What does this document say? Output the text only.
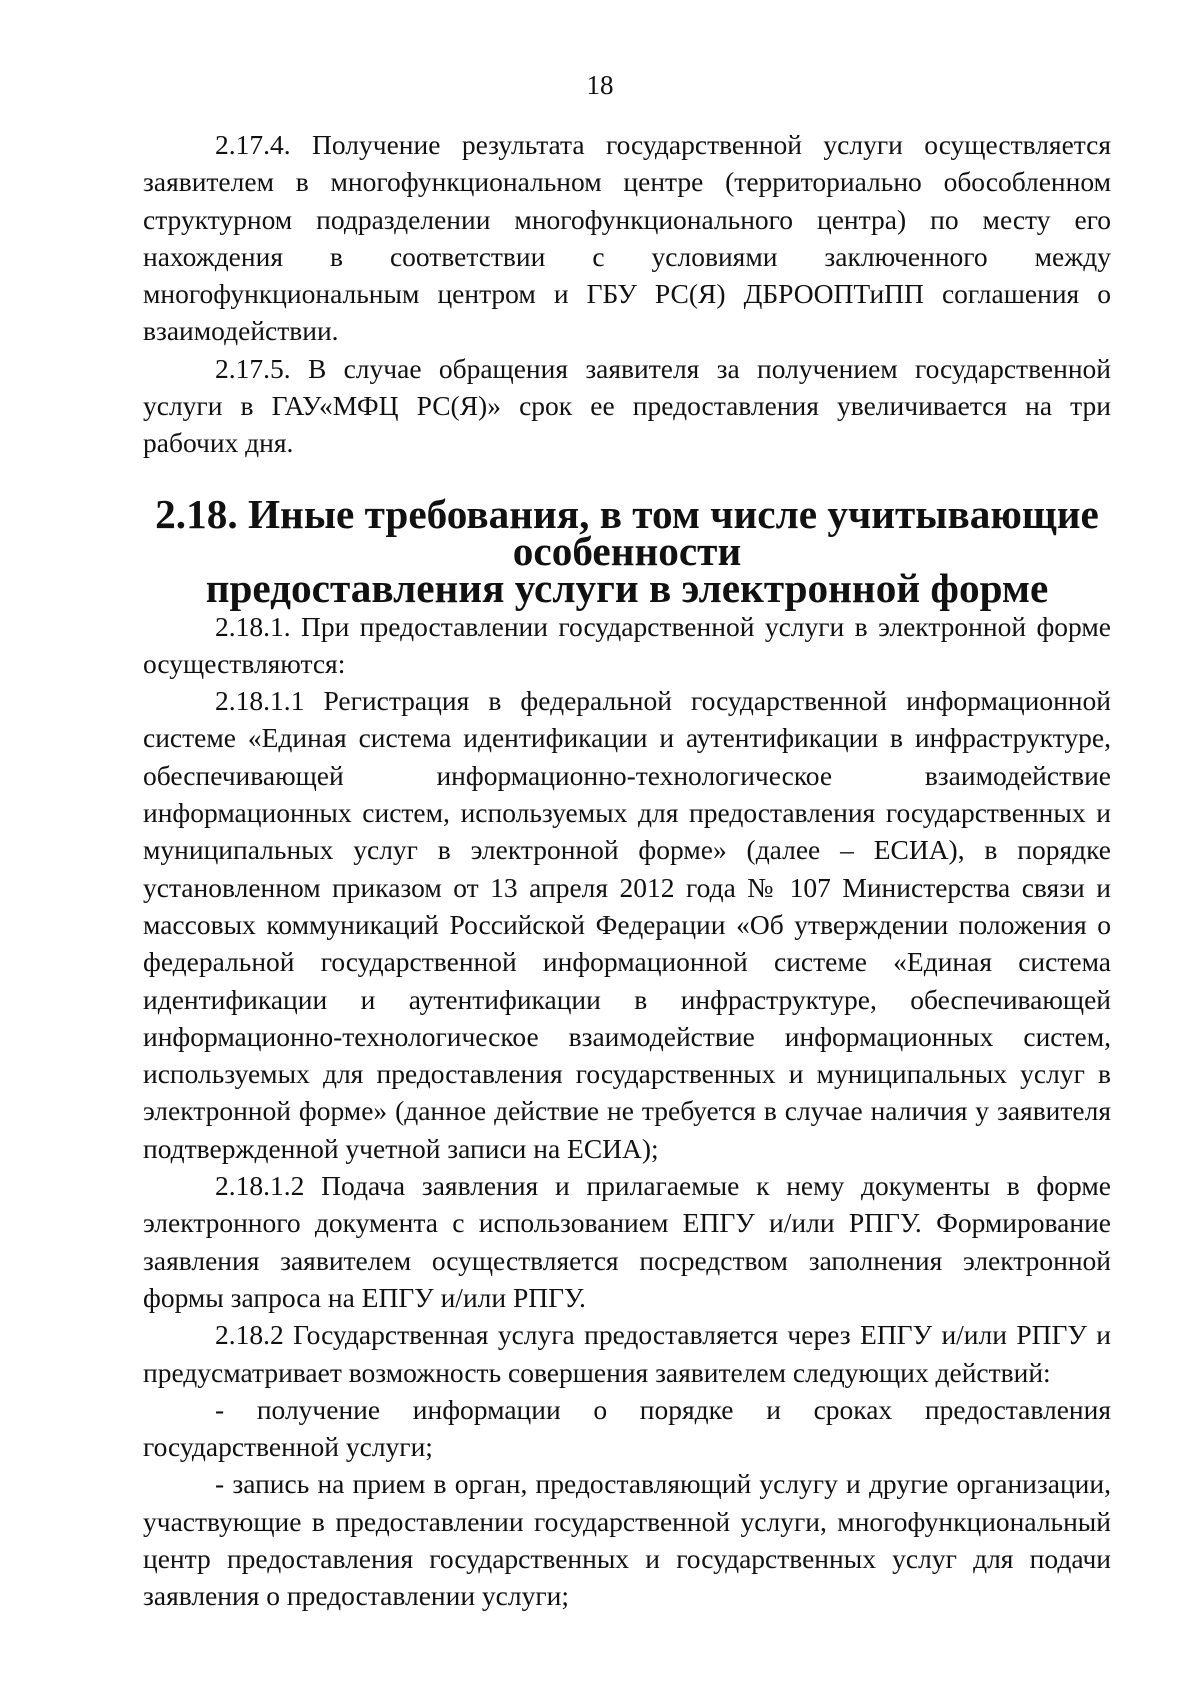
18

2.17.4. Получение результата государственной услуги осуществляется заявителем в многофункциональном центре (территориально обособленном структурном подразделении многофункционального центра) по месту его нахождения в соответствии с условиями заключенного между многофункциональным центром и ГБУ РС(Я) ДБРООПТиПП соглашения о взаимодействии.

2.17.5. В случае обращения заявителя за получением государственной услуги в ГАУ«МФЦ РС(Я)» срок ее предоставления увеличивается на три рабочих дня.

2.18. Иные требования, в том числе учитывающие особенности
предоставления услуги в электронной форме

2.18.1. При предоставлении государственной услуги в электронной форме осуществляются:

2.18.1.1 Регистрация в федеральной государственной информационной системе «Единая система идентификации и аутентификации в инфраструктуре, обеспечивающей информационно-технологическое взаимодействие информационных систем, используемых для предоставления государственных и муниципальных услуг в электронной форме» (далее – ЕСИА), в порядке установленном приказом от 13 апреля 2012 года № 107 Министерства связи и массовых коммуникаций Российской Федерации «Об утверждении положения о федеральной государственной информационной системе «Единая система идентификации и аутентификации в инфраструктуре, обеспечивающей информационно-технологическое взаимодействие информационных систем, используемых для предоставления государственных и муниципальных услуг в электронной форме» (данное действие не требуется в случае наличия у заявителя подтвержденной учетной записи на ЕСИА);

2.18.1.2 Подача заявления и прилагаемые к нему документы в форме электронного документа с использованием ЕПГУ и/или РПГУ. Формирование заявления заявителем осуществляется посредством заполнения электронной формы запроса на ЕПГУ и/или РПГУ.

2.18.2 Государственная услуга предоставляется через ЕПГУ и/или РПГУ и предусматривает возможность совершения заявителем следующих действий:

- получение информации о порядке и сроках предоставления государственной услуги;

- запись на прием в орган, предоставляющий услугу и другие организации, участвующие в предоставлении государственной услуги, многофункциональный центр предоставления государственных и государственных услуг для подачи заявления о предоставлении услуги;
